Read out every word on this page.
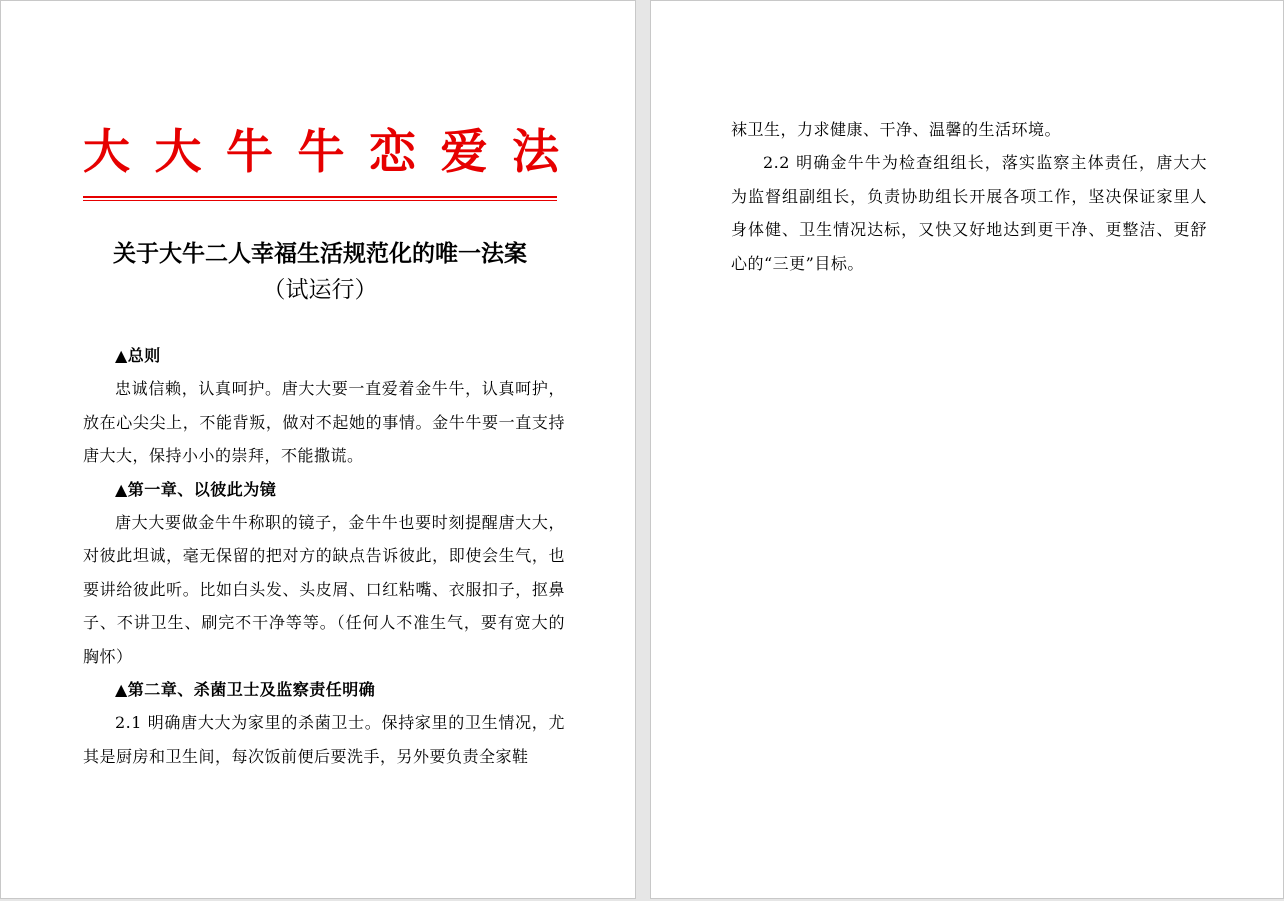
大 大 牛 牛 恋 爱 法
关于大牛二人幸福生活规范化的唯一法案
（试运行）
▲总则
忠诚信赖，认真呵护。唐大大要一直爱着金牛牛，认真呵护，放在心尖尖上，不能背叛，做对不起她的事情。金牛牛要一直支持唐大大，保持小小的崇拜，不能撒谎。
▲第一章、以彼此为镜
唐大大要做金牛牛称职的镜子，金牛牛也要时刻提醒唐大大，对彼此坦诚，毫无保留的把对方的缺点告诉彼此，即使会生气，也要讲给彼此听。比如白头发、头皮屑、口红粘嘴、衣服扣子，抠鼻子、不讲卫生、刷完不干净等等。（任何人不准生气，要有宽大的胸怀）
▲第二章、杀菌卫士及监察责任明确
2.1 明确唐大大为家里的杀菌卫士。保持家里的卫生情况，尤其是厨房和卫生间，每次饭前便后要洗手，另外要负责全家鞋
袜卫生，力求健康、干净、温馨的生活环境。
2.2 明确金牛牛为检查组组长，落实监察主体责任，唐大大为监督组副组长，负责协助组长开展各项工作，坚决保证家里人身体健、卫生情况达标，又快又好地达到更干净、更整洁、更舒心的“三更”目标。
